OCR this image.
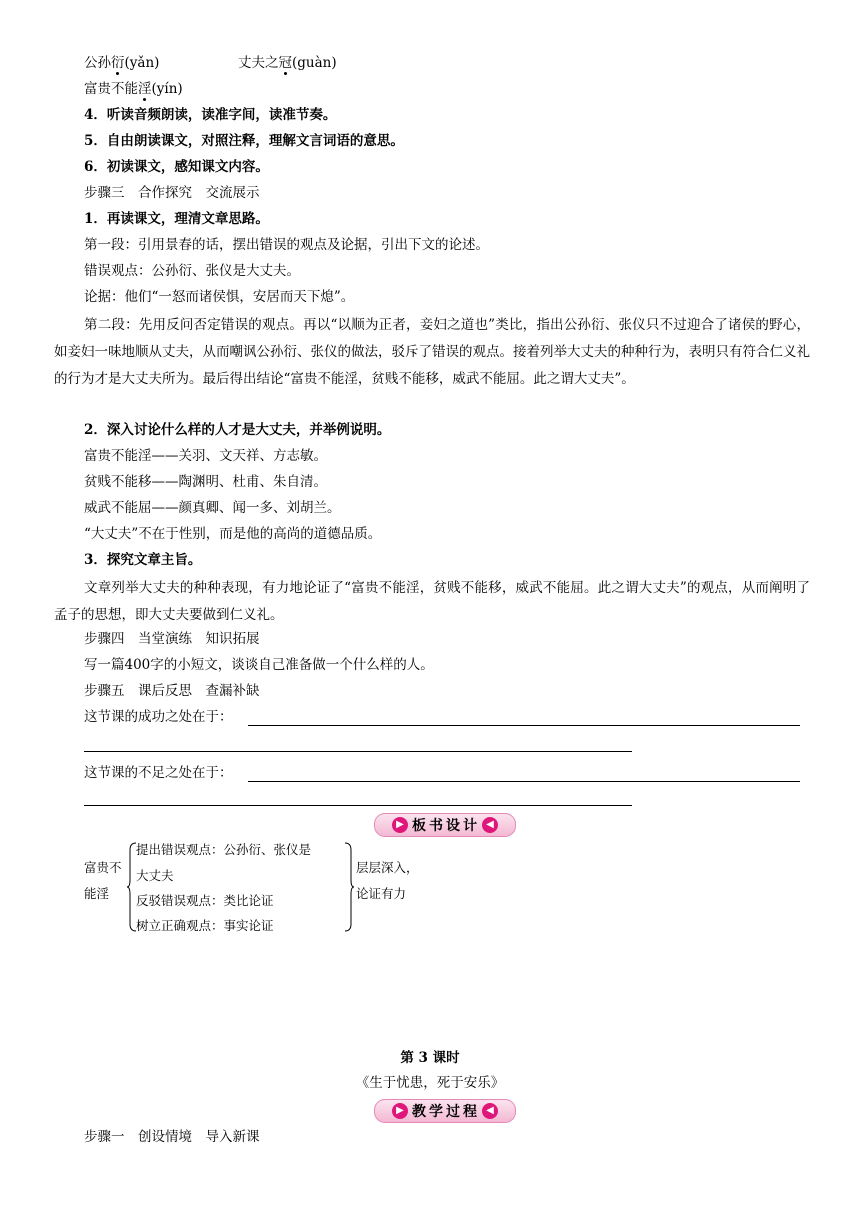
公孙衍(yǎn)	丈夫之冠(guàn)
富贵不能淫(yín)
4．听读音频朗读，读准字间，读准节奏。
5．自由朗读课文，对照注释，理解文言词语的意思。
6．初读课文，感知课文内容。
步骤三　合作探究　交流展示
1．再读课文，理清文章思路。
第一段：引用景春的话，摆出错误的观点及论据，引出下文的论述。
错误观点：公孙衍、张仪是大丈夫。
论据：他们“一怒而诸侯惧，安居而天下熄”。
第二段：先用反问否定错误的观点。再以“以顺为正者，妾妇之道也”类比，指出公孙衍、张仪只不过迎合了诸侯的野心，如妾妇一味地顺从丈夫，从而嘲讽公孙衍、张仪的做法，驳斥了错误的观点。接着列举大丈夫的种种行为，表明只有符合仁义礼的行为才是大丈夫所为。最后得出结论“富贵不能淫，贫贱不能移，威武不能屈。此之谓大丈夫”。
2．深入讨论什么样的人才是大丈夫，并举例说明。
富贵不能淫——关羽、文天祥、方志敏。
贫贱不能移——陶渊明、杜甫、朱自清。
威武不能屈——颜真卿、闻一多、刘胡兰。
“大丈夫”不在于性别，而是他的高尚的道德品质。
3．探究文章主旨。
文章列举大丈夫的种种表现，有力地论证了“富贵不能淫，贫贱不能移，威武不能屈。此之谓大丈夫”的观点，从而阐明了孟子的思想，即大丈夫要做到仁义礼。
步骤四　当堂演练　知识拓展
写一篇400字的小短文，谈谈自己准备做一个什么样的人。
步骤五　课后反思　查漏补缺
这节课的成功之处在于：
这节课的不足之处在于：
▶ 板书设计 ◀
富贵不
能淫
提出错误观点：公孙衍、张仪是
大丈夫
反驳错误观点：类比论证
树立正确观点：事实论证
层层深入，
论证有力
第 3 课时
《生于忧患，死于安乐》
▶ 教学过程 ◀
步骤一　创设情境　导入新课
